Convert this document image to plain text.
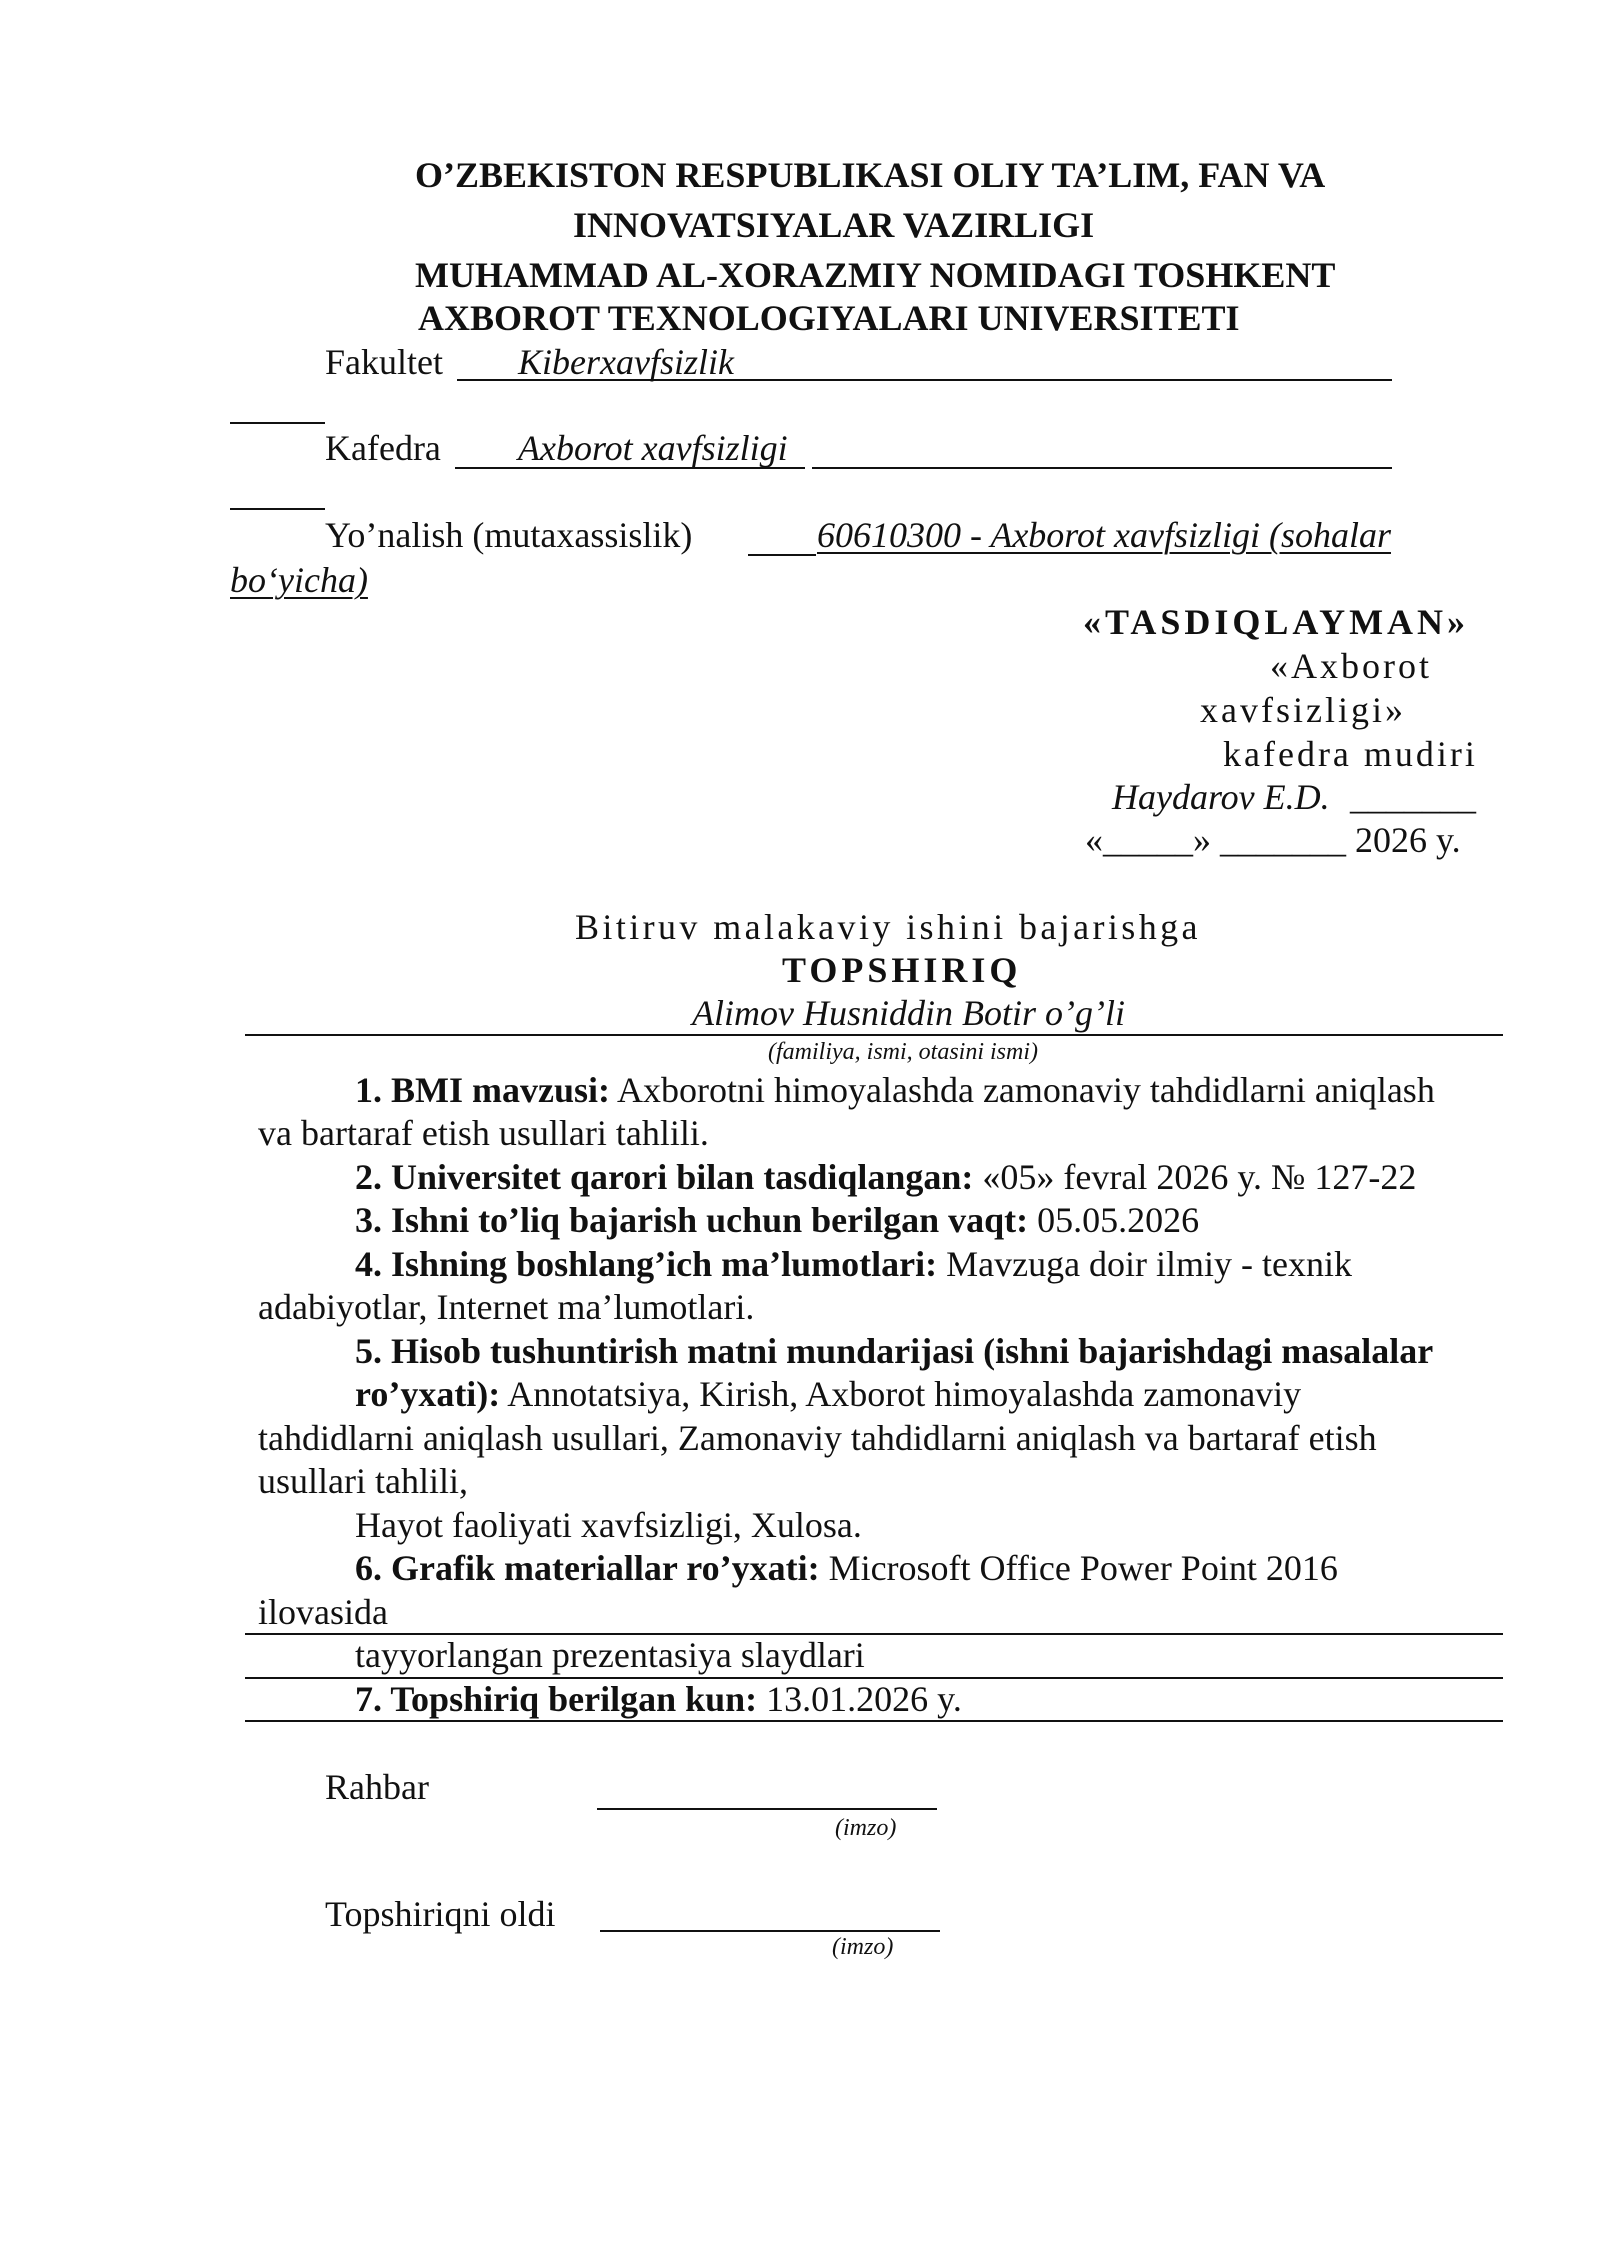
O’ZBEKISTON RESPUBLIKASI OLIY TA’LIM, FAN VA
INNOVATSIYALAR VAZIRLIGI
MUHAMMAD AL-XORAZMIY NOMIDAGI TOSHKENT
AXBOROT TEXNOLOGIYALARI UNIVERSITETI
Fakultet Kiberxavfsizlik
Kafedra Axborot xavfsizligi
Yo’nalish (mutaxassislik)	60610300 - Axborot xavfsizligi (sohalar
bo‘yicha)
«TASDIQLAYMAN»
«Axborot
xavfsizligi»
kafedra mudiri
Haydarov E.D. _______
«_____» _______ 2026 y.
Bitiruv malakaviy ishini bajarishga
TOPSHIRIQ
Alimov Husniddin Botir o’g’li
(familiya, ismi, otasini ismi)
1. BMI mavzusi: Axborotni himoyalashda zamonaviy tahdidlarni aniqlash
va bartaraf etish usullari tahlili.
2. Universitet qarori bilan tasdiqlangan: «05» fevral 2026 y. № 127-22
3. Ishni to’liq bajarish uchun berilgan vaqt: 05.05.2026
4. Ishning boshlang’ich ma’lumotlari: Mavzuga doir ilmiy - texnik
adabiyotlar, Internet ma’lumotlari.
5. Hisob tushuntirish matni mundarijasi (ishni bajarishdagi masalalar
ro’yxati): Annotatsiya, Kirish, Axborot himoyalashda zamonaviy
tahdidlarni aniqlash usullari, Zamonaviy tahdidlarni aniqlash va bartaraf etish
usullari tahlili,
Hayot faoliyati xavfsizligi, Xulosa.
6. Grafik materiallar ro’yxati: Microsoft Office Power Point 2016
ilovasida
tayyorlangan prezentasiya slaydlari
7. Topshiriq berilgan kun: 13.01.2026 y.
Rahbar
(imzo)
Topshiriqni oldi
(imzo)
